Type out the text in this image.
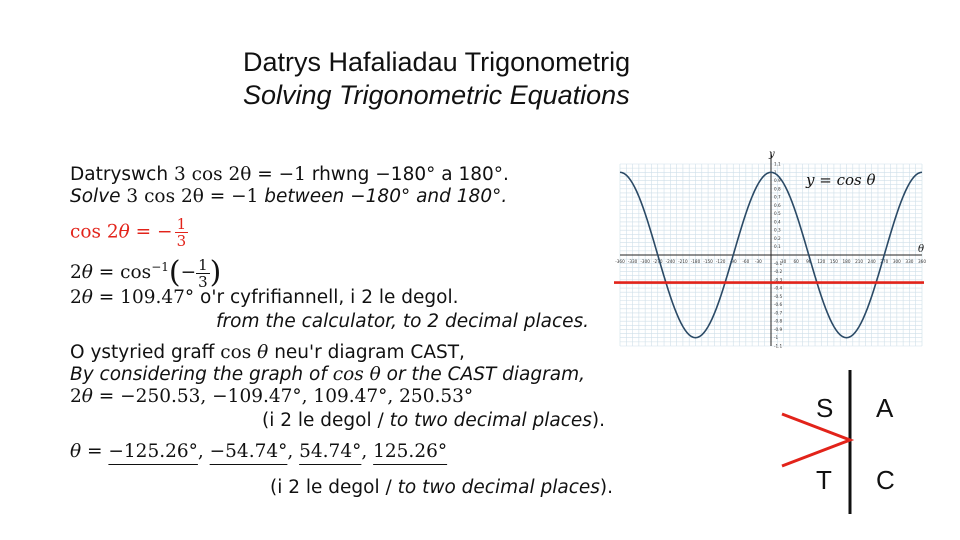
Datrys Hafaliadau Trigonometrig
Solving Trigonometric Equations
Datryswch 3 cos 2θ = −1 rhwng −180° a 180°.
Solve 3 cos 2θ = −1 between −180° and 180°.
cos 2θ = − $\frac{1}{3}$
$2\theta = \cos^{-1}(- \frac{1}{3}$ )
2θ = 109.47° o'r cyfrifiannell, i 2 le degol.
from the calculator, to 2 decimal places.
O ystyried graff cos θ neu'r diagram CAST,
By considering the graph of cos θ or the CAST diagram,
2θ = −250.53, −109.47°, 109.47°, 250.53°
(i 2 le degol / to two decimal places).
θ = −125.26°, −54.74°, 54.74°, 125.26°
(i 2 le degol / to two decimal places).
-360 -330 -300 -270 -240 -210 -180 -150 -120 -90 -60 -30	30 60 90 120 150 180 210 240 270 300 330 360
-1.1
-1
-0.9
-0.8
-0.7
-0.6
-0.5
-0.4
-0.3
-0.2
-0.1
0.1
0.2
0.3
0.4
0.5
0.6
0.7
0.8
0.9
1
1.1
y = cos θ
y
θ
S A
T C
